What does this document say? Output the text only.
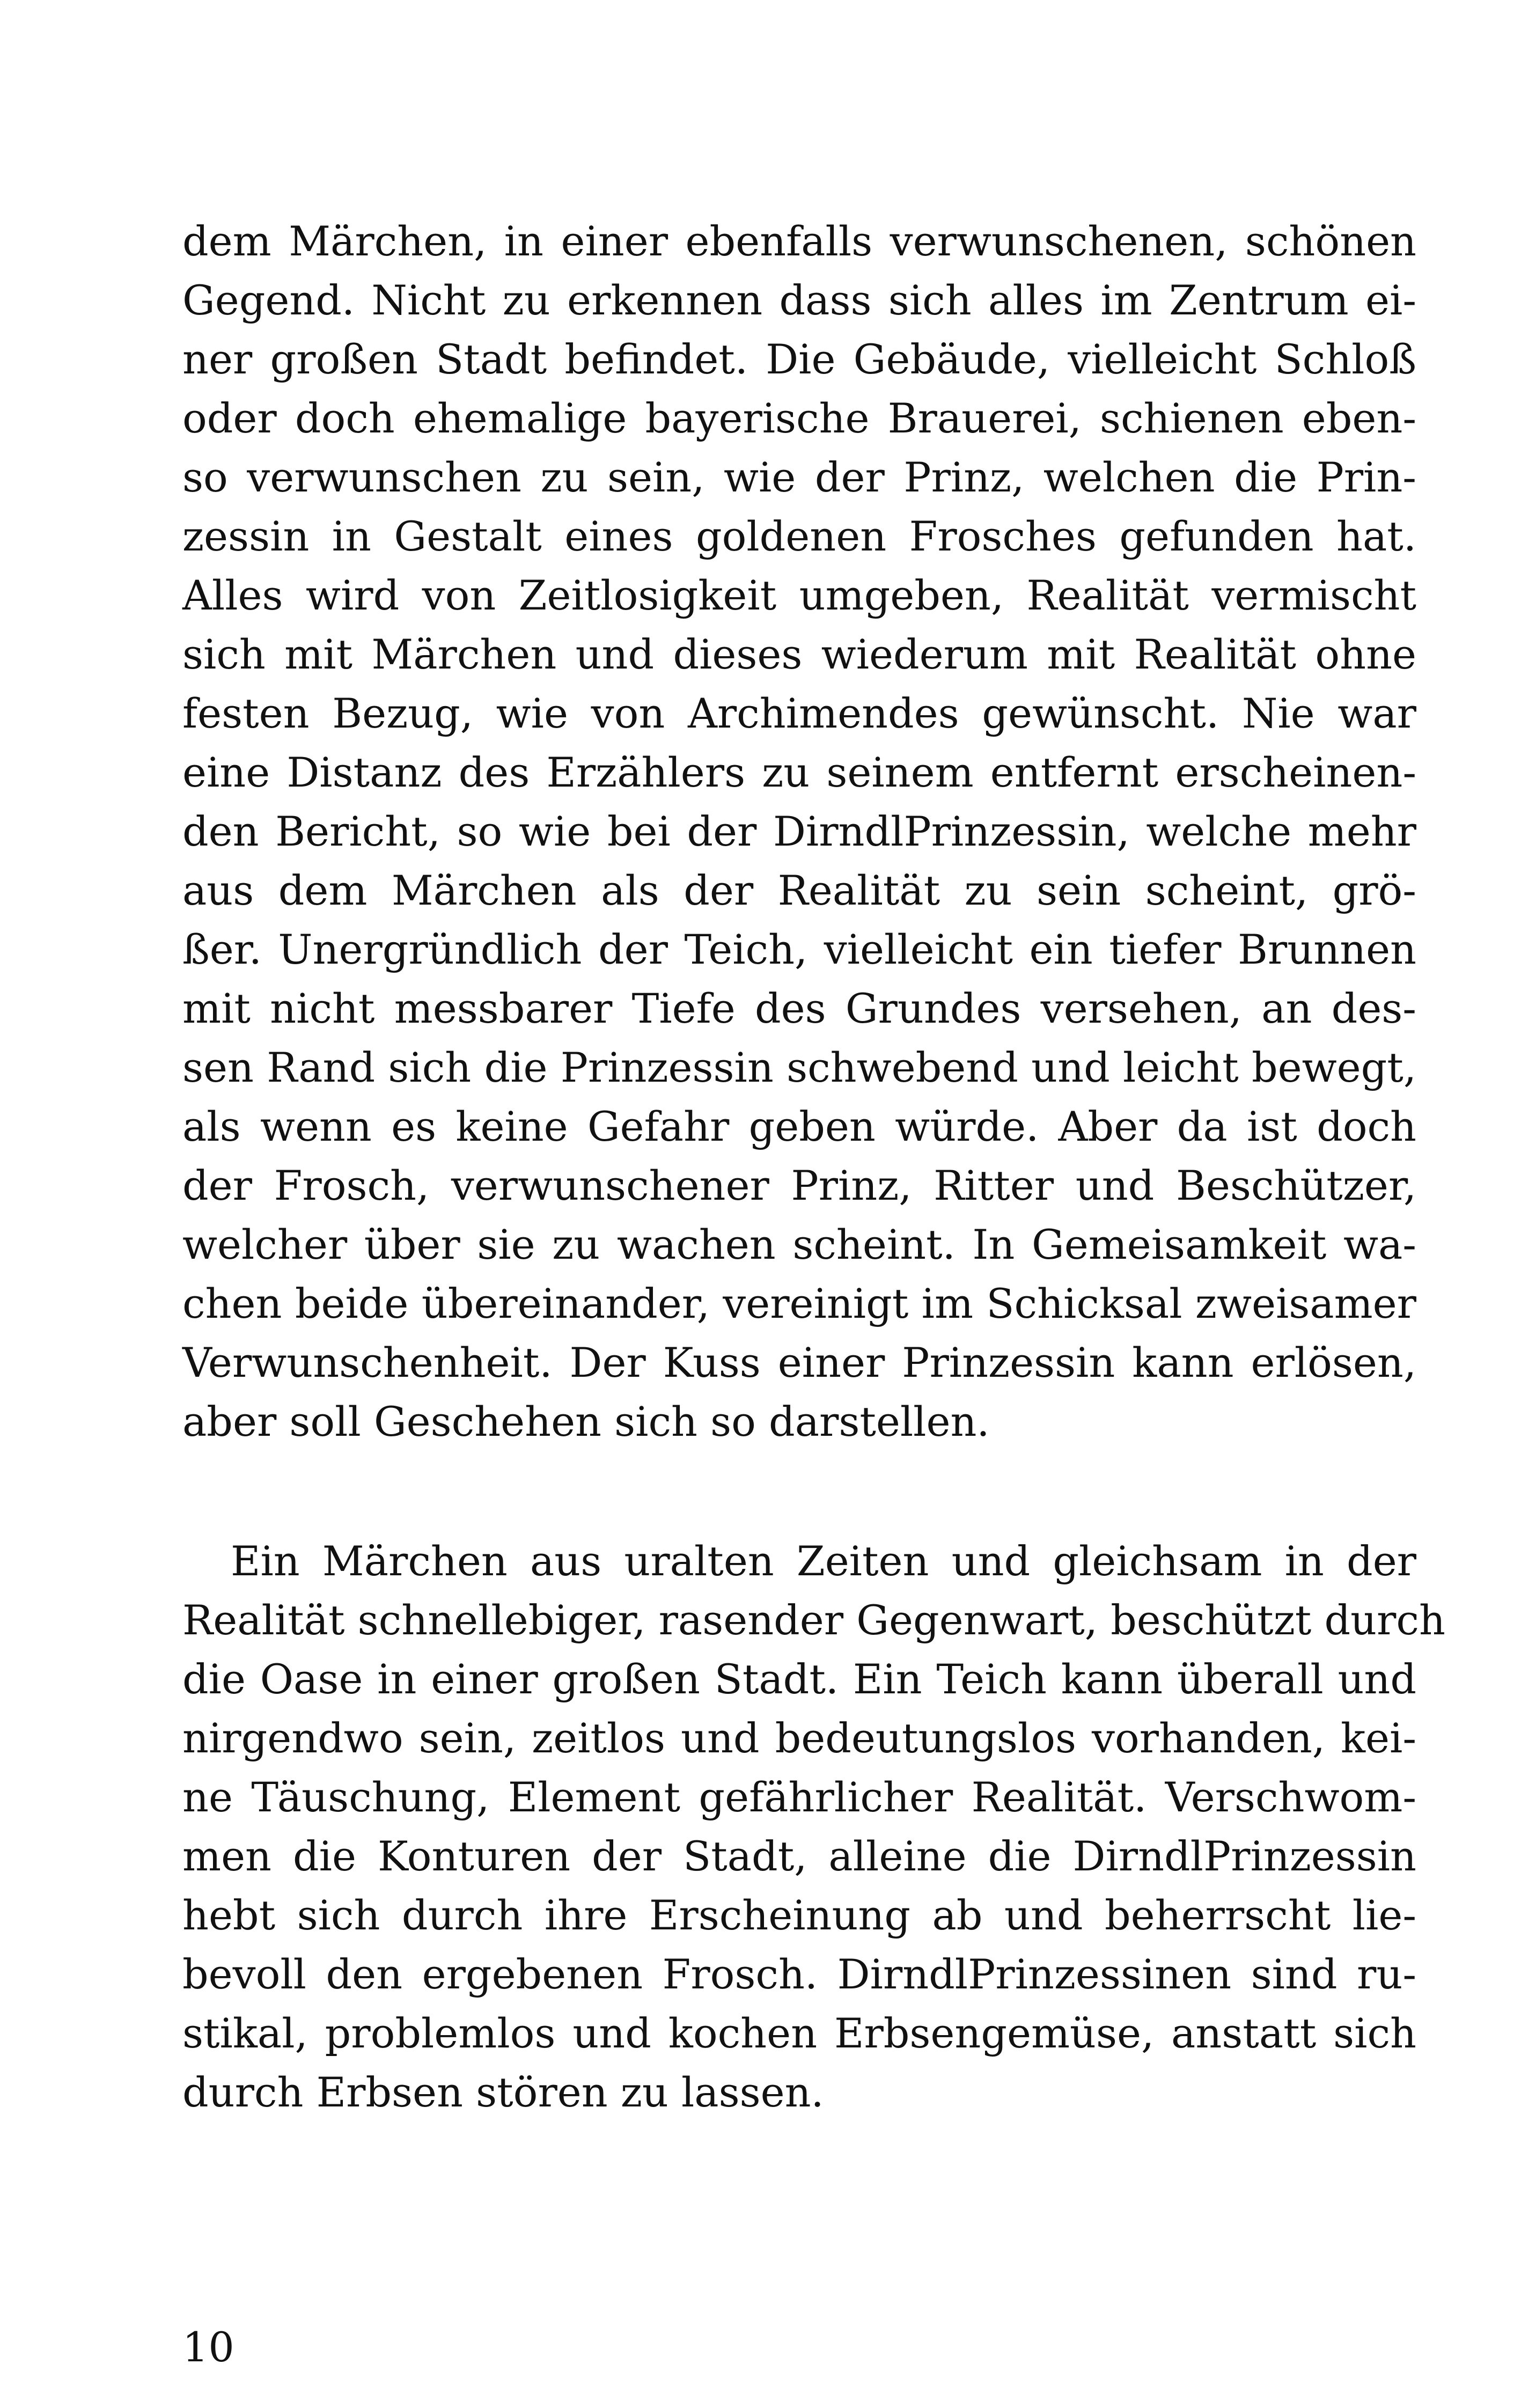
dem Märchen, in einer ebenfalls verwunschenen, schönen
Gegend. Nicht zu erkennen dass sich alles im Zentrum ei-
ner großen Stadt befindet. Die Gebäude, vielleicht Schloß
oder doch ehemalige bayerische Brauerei, schienen eben-
so verwunschen zu sein, wie der Prinz, welchen die Prin-
zessin in Gestalt eines goldenen Frosches gefunden hat.
Alles wird von Zeitlosigkeit umgeben, Realität vermischt
sich mit Märchen und dieses wiederum mit Realität ohne
festen Bezug, wie von Archimendes gewünscht. Nie war
eine Distanz des Erzählers zu seinem entfernt erscheinen-
den Bericht, so wie bei der DirndlPrinzessin, welche mehr
aus dem Märchen als der Realität zu sein scheint, grö-
ßer. Unergründlich der Teich, vielleicht ein tiefer Brunnen
mit nicht messbarer Tiefe des Grundes versehen, an des-
sen Rand sich die Prinzessin schwebend und leicht bewegt,
als wenn es keine Gefahr geben würde. Aber da ist doch
der Frosch, verwunschener Prinz, Ritter und Beschützer,
welcher über sie zu wachen scheint. In Gemeisamkeit wa-
chen beide übereinander, vereinigt im Schicksal zweisamer
Verwunschenheit. Der Kuss einer Prinzessin kann erlösen,
aber soll Geschehen sich so darstellen.
Ein Märchen aus uralten Zeiten und gleichsam in der
Realität schnellebiger, rasender Gegenwart, beschützt durch
die Oase in einer großen Stadt. Ein Teich kann überall und
nirgendwo sein, zeitlos und bedeutungslos vorhanden, kei-
ne Täuschung, Element gefährlicher Realität. Verschwom-
men die Konturen der Stadt, alleine die DirndlPrinzessin
hebt sich durch ihre Erscheinung ab und beherrscht lie-
bevoll den ergebenen Frosch. DirndlPrinzessinen sind ru-
stikal, problemlos und kochen Erbsengemüse, anstatt sich
durch Erbsen stören zu lassen.
10
